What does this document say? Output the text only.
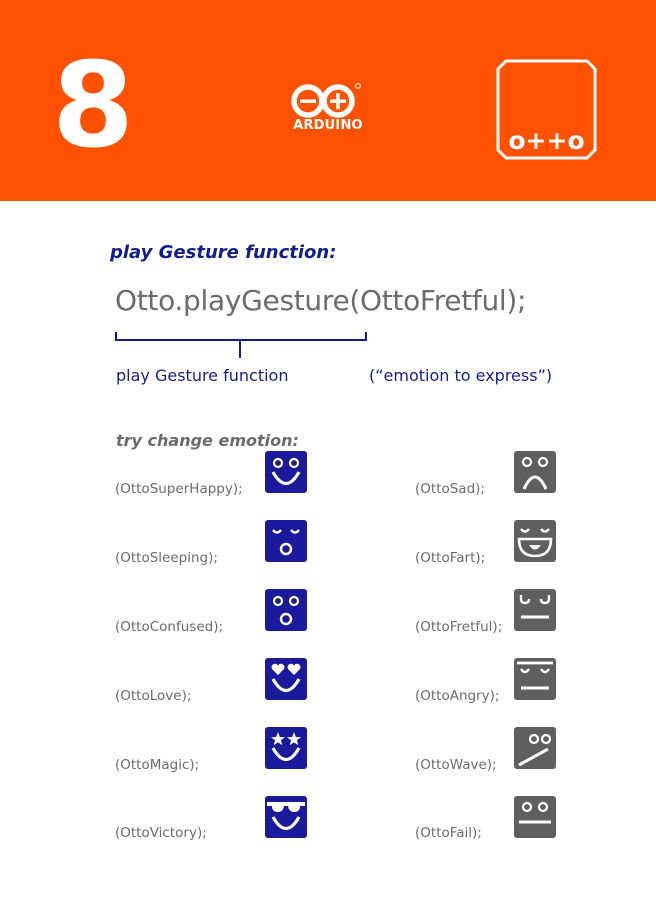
8	ARDUINO
o++o
play Gesture function:
Otto.playGesture(OttoFretful);
play Gesture function	(“emotion to express”)
try change emotion:
(OttoSuperHappy);
(OttoSleeping);
(OttoConfused);
(OttoLove);
(OttoMagic);
(OttoVictory);
(OttoSad);
(OttoFart);
(OttoFretful);
(OttoAngry);
(OttoWave);
(OttoFail);
